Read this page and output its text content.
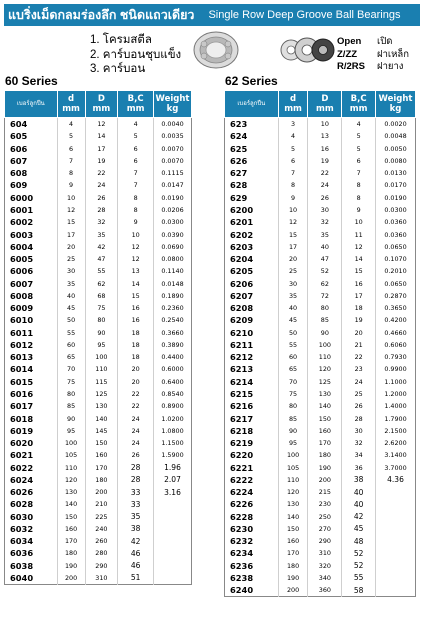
แบริ่งเม็ดกลมร่องลึก ชนิดแถวเดียว Single Row Deep Groove Ball Bearings
1. โครมสตีล
2. คาร์บอนชุบแข็ง
3. คาร์บอน
Open เปิด
Z/ZZ ฝาเหล็ก
R/2RS ฝายาง
60 Series	62 Series
เบอร์ลูกปืน	d
mm	D
mm	B,C
mm	Weight
kg
604	4	12	4	0.0040
605	5	14	5	0.0035
606	6	17	6	0.0070
607	7	19	6	0.0070
608	8	22	7	0.1115
609	9	24	7	0.0147
6000	10	26	8	0.0190
6001	12	28	8	0.0206
6002	15	32	9	0.0300
6003	17	35	10	0.0390
6004	20	42	12	0.0690
6005	25	47	12	0.0800
6006	30	55	13	0.1140
6007	35	62	14	0.0148
6008	40	68	15	0.1890
6009	45	75	16	0.2360
6010	50	80	16	0.2540
6011	55	90	18	0.3660
6012	60	95	18	0.3890
6013	65	100	18	0.4400
6014	70	110	20	0.6000
6015	75	115	20	0.6400
6016	80	125	22	0.8540
6017	85	130	22	0.8900
6018	90	140	24	1.0200
6019	95	145	24	1.0800
6020	100	150	24	1.1500
6021	105	160	26	1.5900
6022	110	170	28	1.96
6024	120	180	28	2.07
6026	130	200	33	3.16
6028	140	210	33	
6030	150	225	35	
6032	160	240	38	
6034	170	260	42	
6036	180	280	46	
6038	190	290	46	
6040	200	310	51	
เบอร์ลูกปืน	d
mm	D
mm	B,C
mm	Weight
kg
623	3	10	4	0.0020
624	4	13	5	0.0048
625	5	16	5	0.0050
626	6	19	6	0.0080
627	7	22	7	0.0130
628	8	24	8	0.0170
629	9	26	8	0.0190
6200	10	30	9	0.0300
6201	12	32	10	0.0360
6202	15	35	11	0.0360
6203	17	40	12	0.0650
6204	20	47	14	0.1070
6205	25	52	15	0.2010
6206	30	62	16	0.0650
6207	35	72	17	0.2870
6208	40	80	18	0.3650
6209	45	85	19	0.4200
6210	50	90	20	0.4660
6211	55	100	21	0.6060
6212	60	110	22	0.7930
6213	65	120	23	0.9900
6214	70	125	24	1.1000
6215	75	130	25	1.2000
6216	80	140	26	1.4000
6217	85	150	28	1.7900
6218	90	160	30	2.1500
6219	95	170	32	2.6200
6220	100	180	34	3.1400
6221	105	190	36	3.7000
6222	110	200	38	4.36
6224	120	215	40	
6226	130	230	40	
6228	140	250	42	
6230	150	270	45	
6232	160	290	48	
6234	170	310	52	
6236	180	320	52	
6238	190	340	55	
6240	200	360	58	
